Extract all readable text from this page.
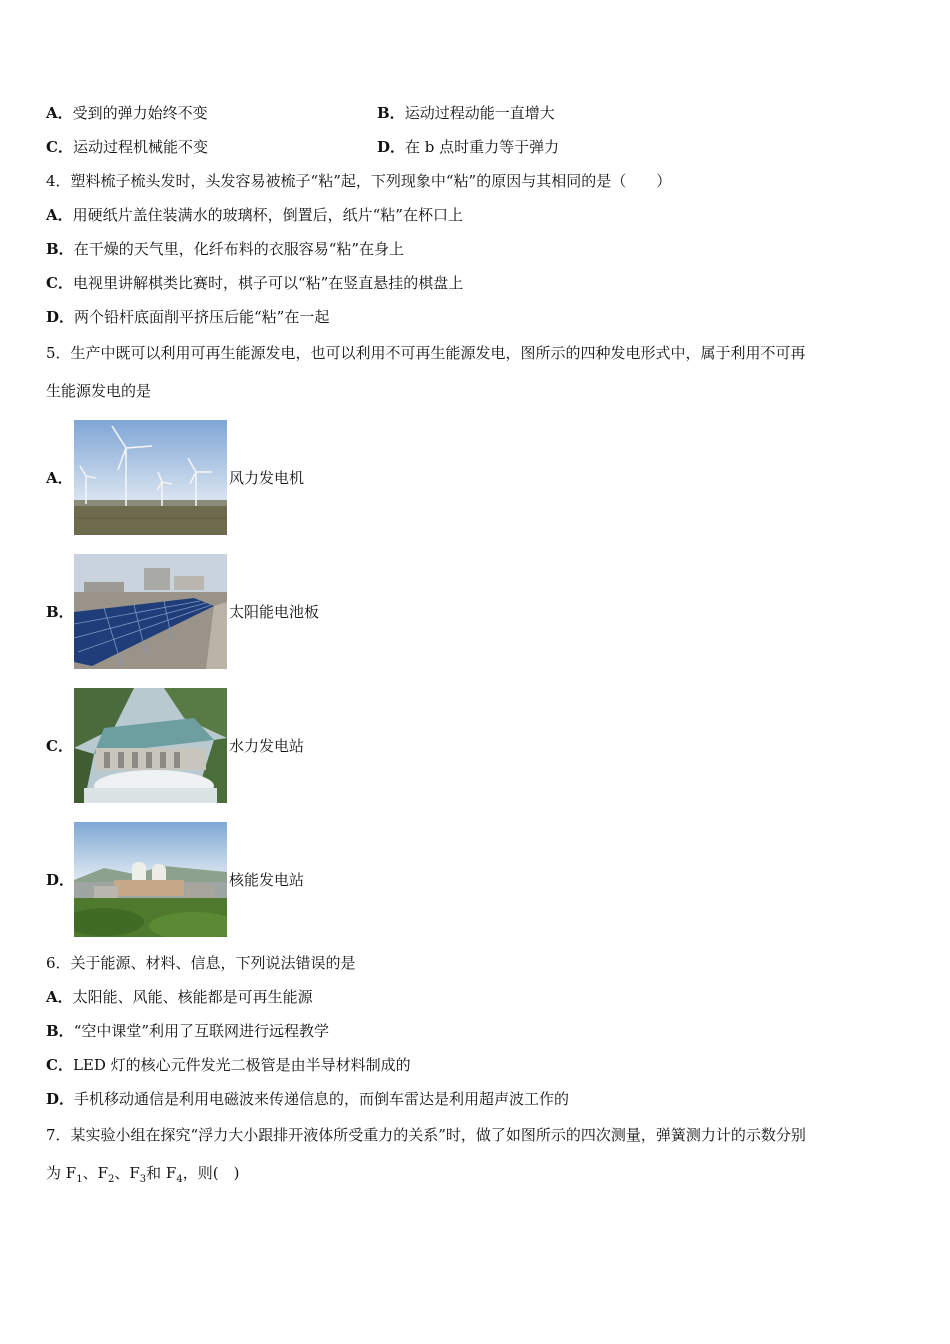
A．受到的弹力始终不变	B．运动过程动能一直增大
C．运动过程机械能不变	D．在 b 点时重力等于弹力
4．塑料梳子梳头发时，头发容易被梳子“粘”起，下列现象中“粘”的原因与其相同的是（　　）
A．用硬纸片盖住装满水的玻璃杯，倒置后，纸片“粘”在杯口上
B．在干燥的天气里，化纤布料的衣服容易“粘”在身上
C．电视里讲解棋类比赛时，棋子可以“粘”在竖直悬挂的棋盘上
D．两个铅杆底面削平挤压后能“粘”在一起
5．生产中既可以利用可再生能源发电，也可以利用不可再生能源发电，图所示的四种发电形式中，属于利用不可再
生能源发电的是
A．	风力发电机
B．	太阳能电池板
C．	水力发电站
D．	核能发电站
6．关于能源、材料、信息，下列说法错误的是
A．太阳能、风能、核能都是可再生能源
B．“空中课堂”利用了互联网进行远程教学
C．LED 灯的核心元件发光二极管是由半导材料制成的
D．手机移动通信是利用电磁波来传递信息的，而倒车雷达是利用超声波工作的
7．某实验小组在探究“浮力大小跟排开液体所受重力的关系”时，做了如图所示的四次测量，弹簧测力计的示数分别
为 $F_1$、$F_2$、$F_3$和 $F_4$，则(　)
